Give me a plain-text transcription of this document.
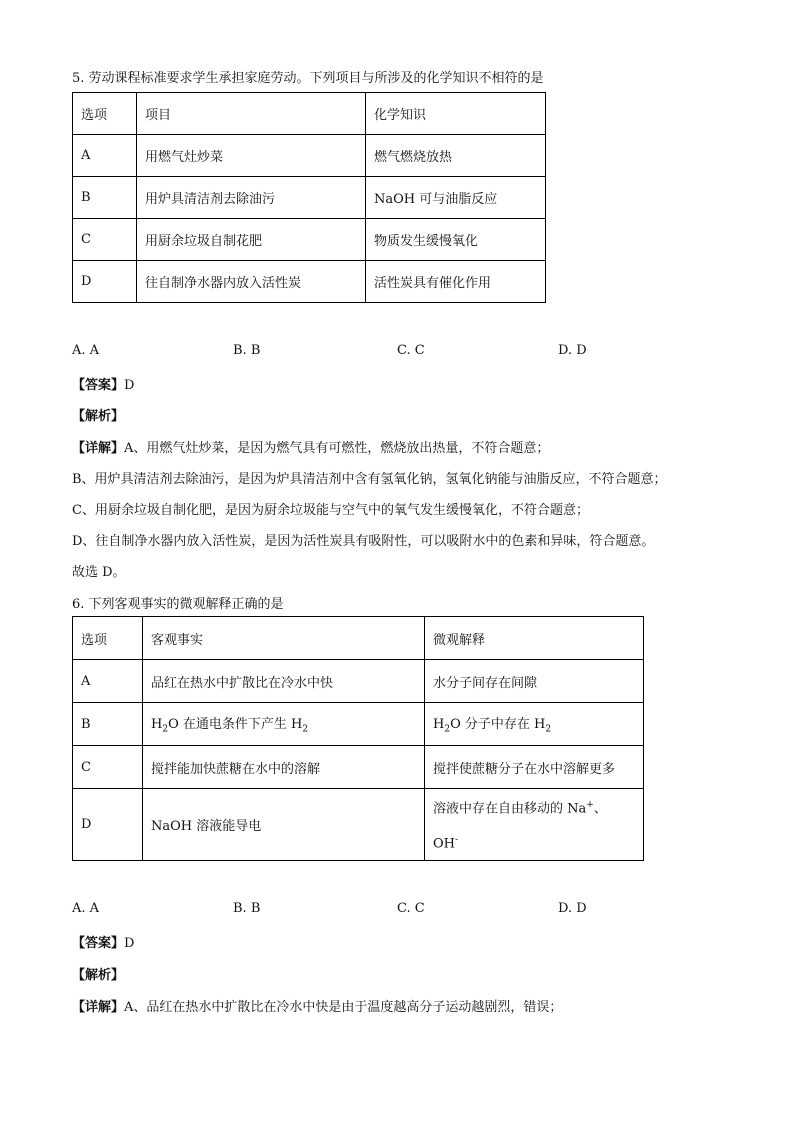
5. 劳动课程标准要求学生承担家庭劳动。下列项目与所涉及的化学知识不相符的是
选项	项目	化学知识
A	用燃气灶炒菜	燃气燃烧放热
B	用炉具清洁剂去除油污	NaOH 可与油脂反应
C	用厨余垃圾自制花肥	物质发生缓慢氧化
D	往自制净水器内放入活性炭	活性炭具有催化作用
A. A	B. B	C. C	D. D
【答案】D
【解析】
【详解】A、用燃气灶炒菜，是因为燃气具有可燃性，燃烧放出热量，不符合题意；
B、用炉具清洁剂去除油污，是因为炉具清洁剂中含有氢氧化钠，氢氧化钠能与油脂反应，不符合题意；
C、用厨余垃圾自制化肥，是因为厨余垃圾能与空气中的氧气发生缓慢氧化，不符合题意；
D、往自制净水器内放入活性炭，是因为活性炭具有吸附性，可以吸附水中的色素和异味，符合题意。
故选 D。
6. 下列客观事实的微观解释正确的是
选项	客观事实	微观解释
A	品红在热水中扩散比在冷水中快	水分子间存在间隙
B	$H_2O$ 在通电条件下产生 $H_2$	$H_2O$ 分子中存在 $H_2$
C	搅拌能加快蔗糖在水中的溶解	搅拌使蔗糖分子在水中溶解更多
D	NaOH 溶液能导电	溶液中存在自由移动的 Na+、
OH-
A. A	B. B	C. C	D. D
【答案】D
【解析】
【详解】A、品红在热水中扩散比在冷水中快是由于温度越高分子运动越剧烈，错误；
